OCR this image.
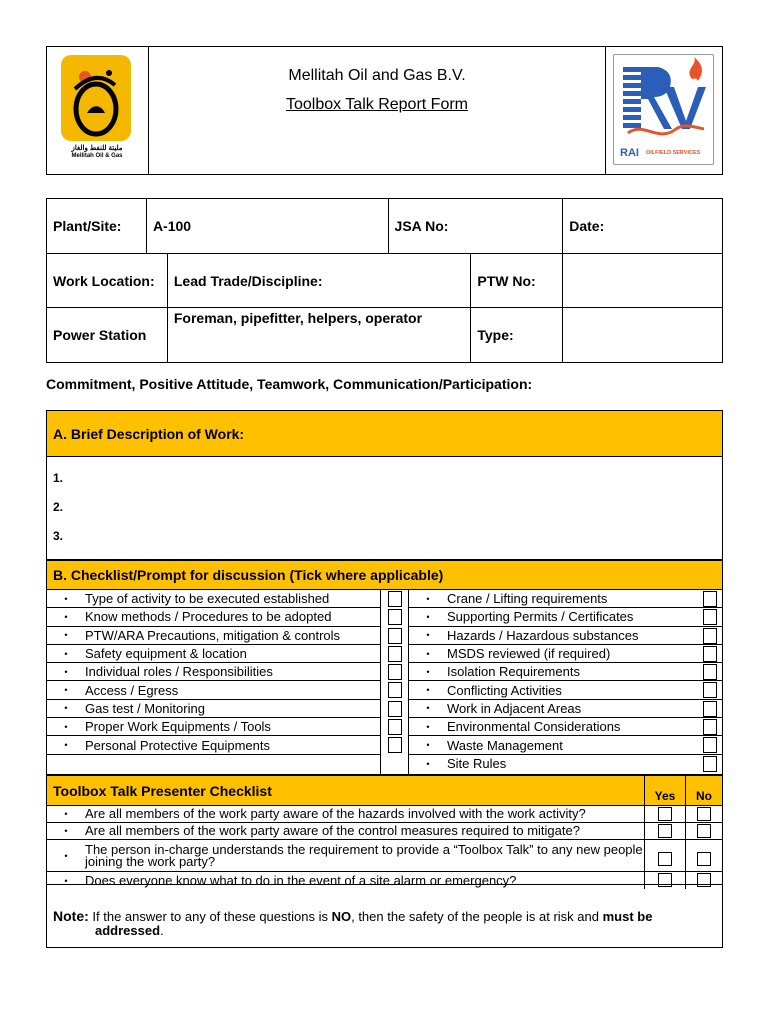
مليتة للنفط والغاز
Mellitah Oil & Gas
Mellitah Oil and Gas B.V.
Toolbox Talk Report Form
RAI OILFIELD SERVICES
Plant/Site:	A-100		JSA No:		Date:
Work Location:		Lead Trade/Discipline:		PTW No:	
Power Station		Foreman, pipefitter, helpers, operator		Type:	
Commitment, Positive Attitude, Teamwork, Communication/Participation:
A. Brief Description of Work:
1.
2.
3.
B. Checklist/Prompt for discussion (Tick where applicable)
•	Type of activity to be executed established
•	Know methods / Procedures to be adopted
•	PTW/ARA Precautions, mitigation & controls
•	Safety equipment & location
•	Individual roles / Responsibilities
•	Access / Egress
•	Gas test / Monitoring
•	Proper Work Equipments / Tools
•	Personal Protective Equipments
•	Crane / Lifting requirements
•	Supporting Permits / Certificates
•	Hazards / Hazardous substances
•	MSDS reviewed (if required)
•	Isolation Requirements
•	Conflicting Activities
•	Work in Adjacent Areas
•	Environmental Considerations
•	Waste Management
•	Site Rules
Toolbox Talk Presenter Checklist	Yes	No
•	Are all members of the work party aware of the hazards involved with the work activity?
•	Are all members of the work party aware of the control measures required to mitigate?
•	The person in-charge understands the requirement to provide a “Toolbox Talk” to any new people joining the work party?
•	Does everyone know what to do in the event of a site alarm or emergency?
Note: If the answer to any of these questions is NO, then the safety of the people is at risk and must be
addressed.
